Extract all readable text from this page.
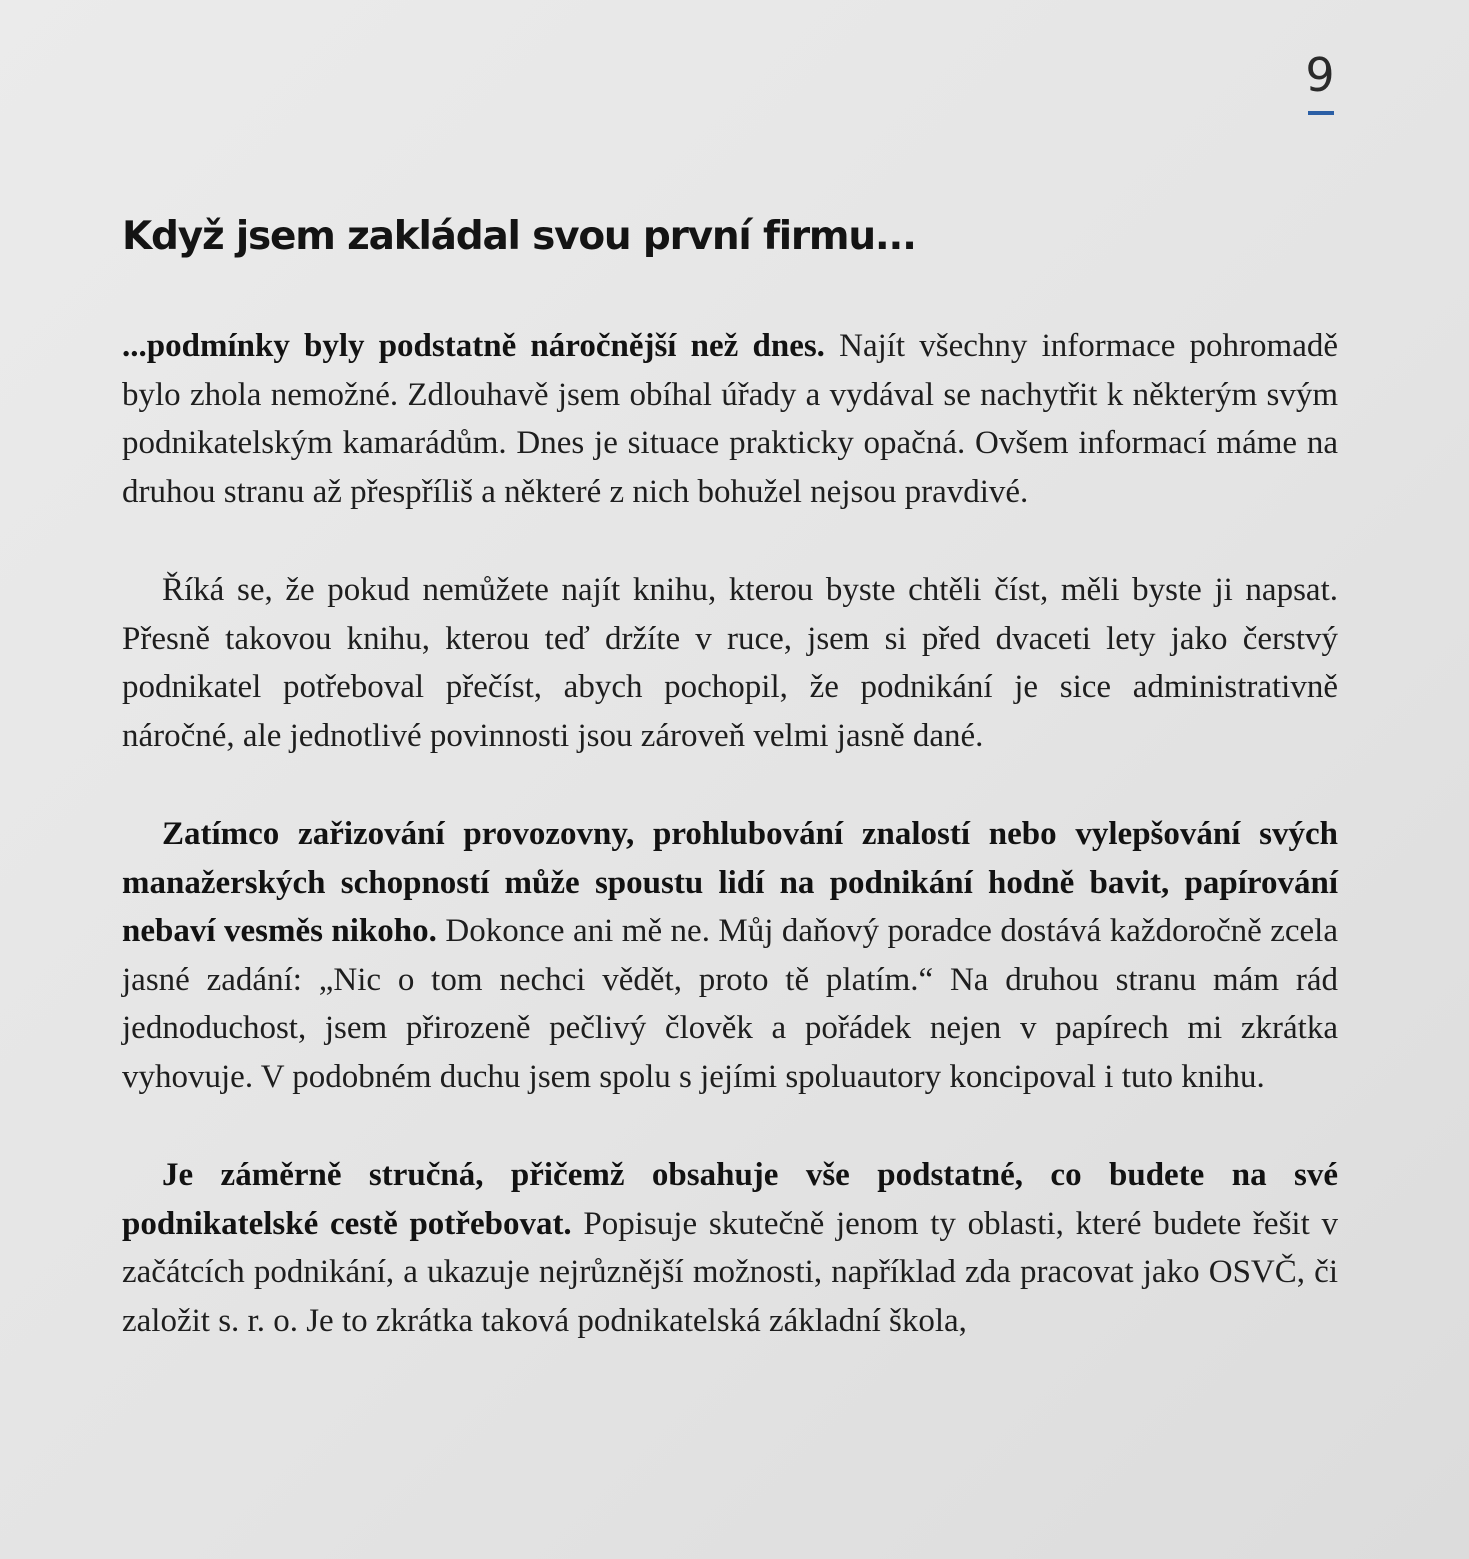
9
Když jsem zakládal svou první firmu...

...podmínky byly podstatně náročnější než dnes. Najít všechny informace pohromadě bylo zhola nemožné. Zdlouhavě jsem obíhal úřady a vydával se nachytřit k některým svým podnikatelským kamarádům. Dnes je situace prakticky opačná. Ovšem informací máme na druhou stranu až přespříliš a některé z nich bohužel nejsou pravdivé.

Říká se, že pokud nemůžete najít knihu, kterou byste chtěli číst, měli byste ji napsat. Přesně takovou knihu, kterou teď držíte v ruce, jsem si před dvaceti lety jako čerstvý podnikatel potřeboval přečíst, abych pochopil, že podnikání je sice administrativně náročné, ale jednotlivé povinnosti jsou zároveň velmi jasně dané.

Zatímco zařizování provozovny, prohlubování znalostí nebo vylepšování svých manažerských schopností může spoustu lidí na podnikání hodně bavit, papírování nebaví vesměs nikoho. Dokonce ani mě ne. Můj daňový poradce dostává každoročně zcela jasné zadání: „Nic o tom nechci vědět, proto tě platím.“ Na druhou stranu mám rád jednoduchost, jsem přirozeně pečlivý člověk a pořádek nejen v papírech mi zkrátka vyhovuje. V podobném duchu jsem spolu s jejími spoluautory koncipoval i tuto knihu.

Je záměrně stručná, přičemž obsahuje vše podstatné, co budete na své podnikatelské cestě potřebovat. Popisuje skutečně jenom ty oblasti, které budete řešit v začátcích podnikání, a ukazuje nejrůznější možnosti, například zda pracovat jako OSVČ, či založit s. r. o. Je to zkrátka taková podnikatelská základní škola,
